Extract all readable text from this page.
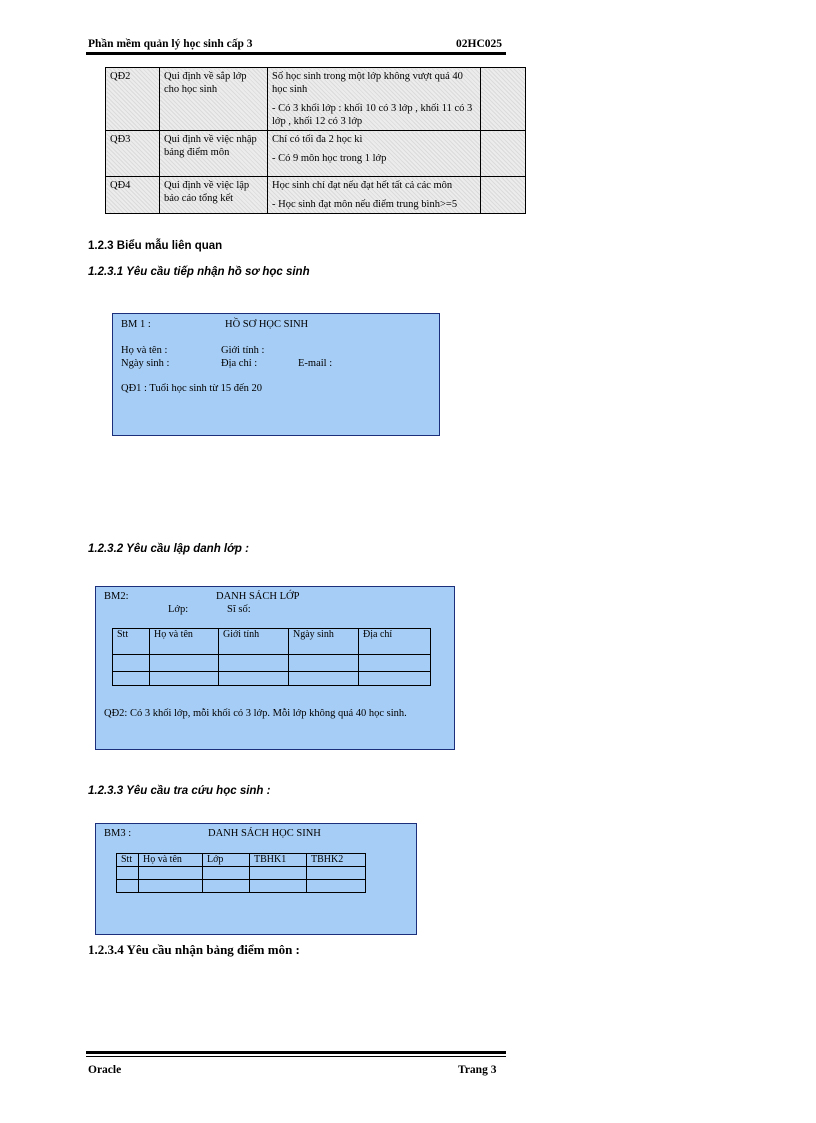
Phần mềm quản lý học sinh cấp 3	02HC025
QĐ2	Qui định về sắp lớp cho học sinh	Số học sinh trong một lớp không vượt quá 40 học sinh

- Có 3 khối lớp : khối 10 có 3 lớp , khối 11 có 3 lớp , khối 12 có 3 lớp	

QĐ3	Qui định về việc nhập bảng điểm môn	Chỉ có tối đa 2 học kì

- Có 9 môn học trong 1 lớp	

QĐ4	Qui định về việc lập báo cáo tổng kết	Học sinh chỉ đạt nếu đạt hết tất cả các môn

- Học sinh đạt môn nếu điểm trung bình>=5	

1.2.3 Biểu mẫu liên quan
1.2.3.1 Yêu cầu tiếp nhận hồ sơ học sinh
BM 1 :	HỒ SƠ HỌC SINH
Họ và tên :	Giới tính :
Ngày sinh :	Địa chỉ :	E-mail :
QĐ1 : Tuổi học sinh từ 15 đến 20
1.2.3.2 Yêu cầu lập danh lớp :
BM2:	DANH SÁCH LỚP
Lớp:	Sĩ số:
Stt	Họ và tên	Giới tính	Ngày sinh	Địa chỉ

QĐ2: Có 3 khối lớp, mỗi khối có 3 lớp. Mỗi lớp không quá 40 học sinh.
1.2.3.3 Yêu cầu tra cứu học sinh :
BM3 :	DANH SÁCH HỌC SINH
Stt	Họ và tên	Lớp	TBHK1	TBHK2

1.2.3.4 Yêu cầu nhận bảng điểm môn :
Oracle	Trang 3
